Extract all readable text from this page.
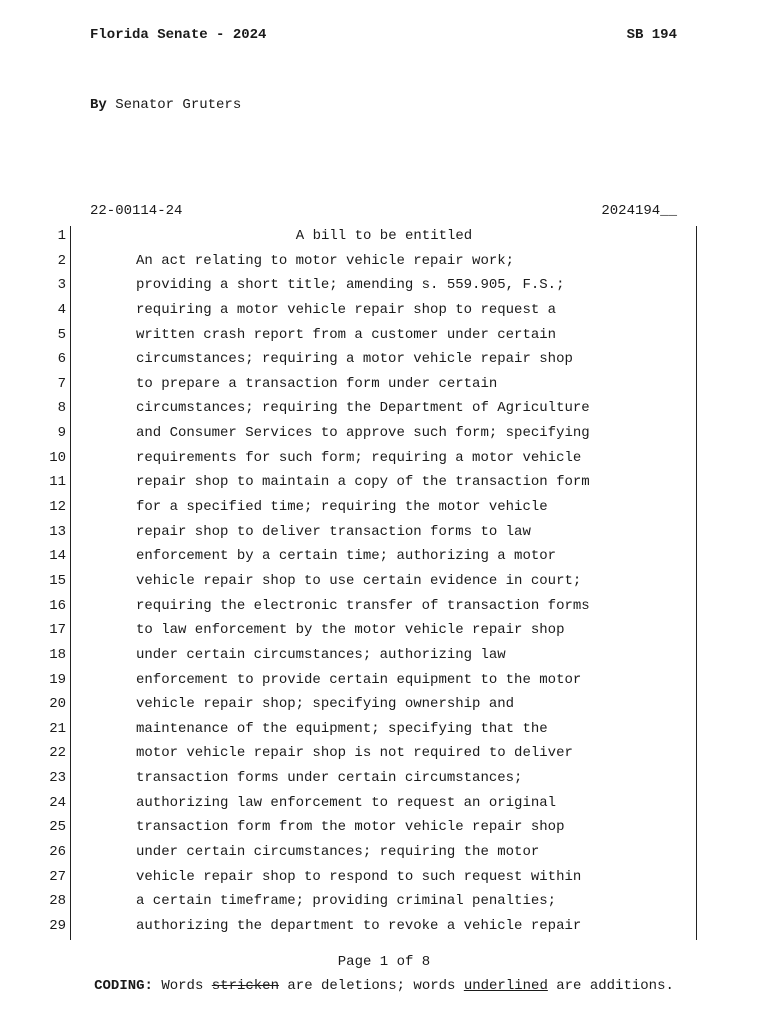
Florida Senate - 2024	SB 194
By Senator Gruters
22-00114-24	2024194__
1	A bill to be entitled
2	An act relating to motor vehicle repair work;
3	providing a short title; amending s. 559.905, F.S.;
4	requiring a motor vehicle repair shop to request a
5	written crash report from a customer under certain
6	circumstances; requiring a motor vehicle repair shop
7	to prepare a transaction form under certain
8	circumstances; requiring the Department of Agriculture
9	and Consumer Services to approve such form; specifying
10	requirements for such form; requiring a motor vehicle
11	repair shop to maintain a copy of the transaction form
12	for a specified time; requiring the motor vehicle
13	repair shop to deliver transaction forms to law
14	enforcement by a certain time; authorizing a motor
15	vehicle repair shop to use certain evidence in court;
16	requiring the electronic transfer of transaction forms
17	to law enforcement by the motor vehicle repair shop
18	under certain circumstances; authorizing law
19	enforcement to provide certain equipment to the motor
20	vehicle repair shop; specifying ownership and
21	maintenance of the equipment; specifying that the
22	motor vehicle repair shop is not required to deliver
23	transaction forms under certain circumstances;
24	authorizing law enforcement to request an original
25	transaction form from the motor vehicle repair shop
26	under certain circumstances; requiring the motor
27	vehicle repair shop to respond to such request within
28	a certain timeframe; providing criminal penalties;
29	authorizing the department to revoke a vehicle repair
Page 1 of 8
CODING: Words stricken are deletions; words underlined are additions.
